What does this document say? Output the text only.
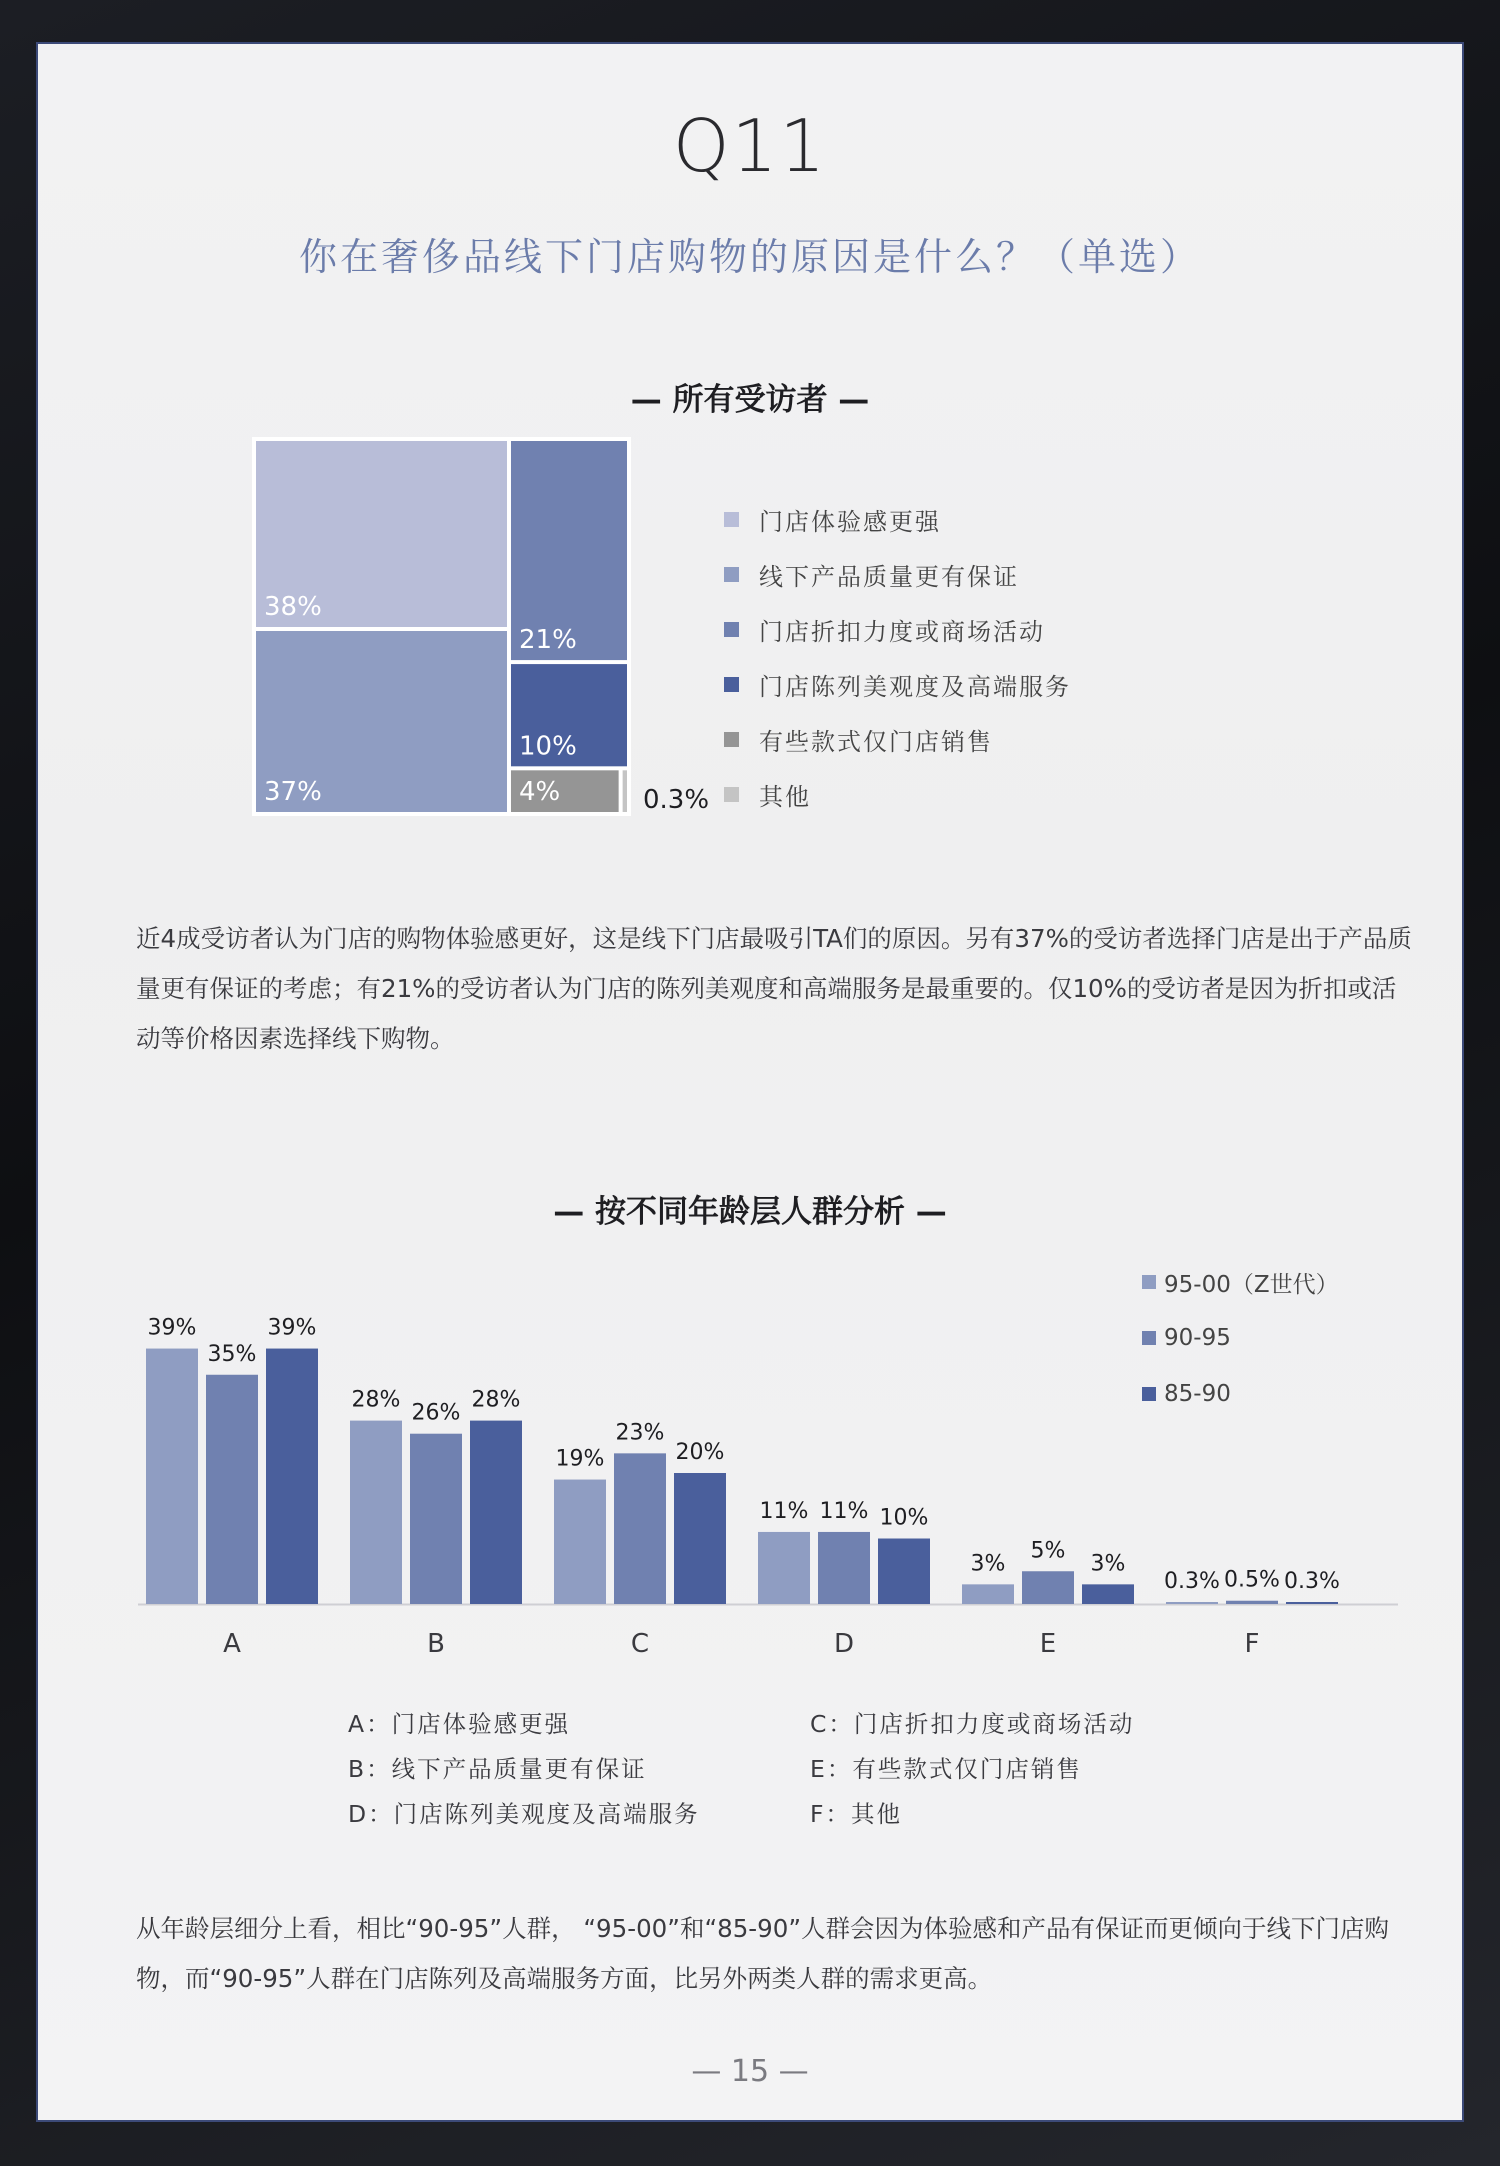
Q11
你在奢侈品线下门店购物的原因是什么？（单选）
— 所有受访者 —
38%
37%
21%
10%
4%	0.3%
门店体验感更强
线下产品质量更有保证
门店折扣力度或商场活动
门店陈列美观度及高端服务
有些款式仅门店销售
其他
近4成受访者认为门店的购物体验感更好，这是线下门店最吸引TA们的原因。另有37%的受访者选择门店是出于产品质量更有保证的考虑；有21%的受访者认为门店的陈列美观度和高端服务是最重要的。仅10%的受访者是因为折扣或活动等价格因素选择线下购物。
— 按不同年龄层人群分析 —
39%
35%
39%
A
28%
26%
28%
B
19%
23%
20%
C
11% 11% 10%
D
3%
5%
3%
E
0.3% 0.5% 0.3%
F
95-00（Z世代）
90-95
85-90
A：门店体验感更强
B：线下产品质量更有保证
D：门店陈列美观度及高端服务
C：门店折扣力度或商场活动
E：有些款式仅门店销售
F：其他
从年龄层细分上看，相比“90-95”人群， “95-00”和“85-90”人群会因为体验感和产品有保证而更倾向于线下门店购物，而“90-95”人群在门店陈列及高端服务方面，比另外两类人群的需求更高。
— 15 —
